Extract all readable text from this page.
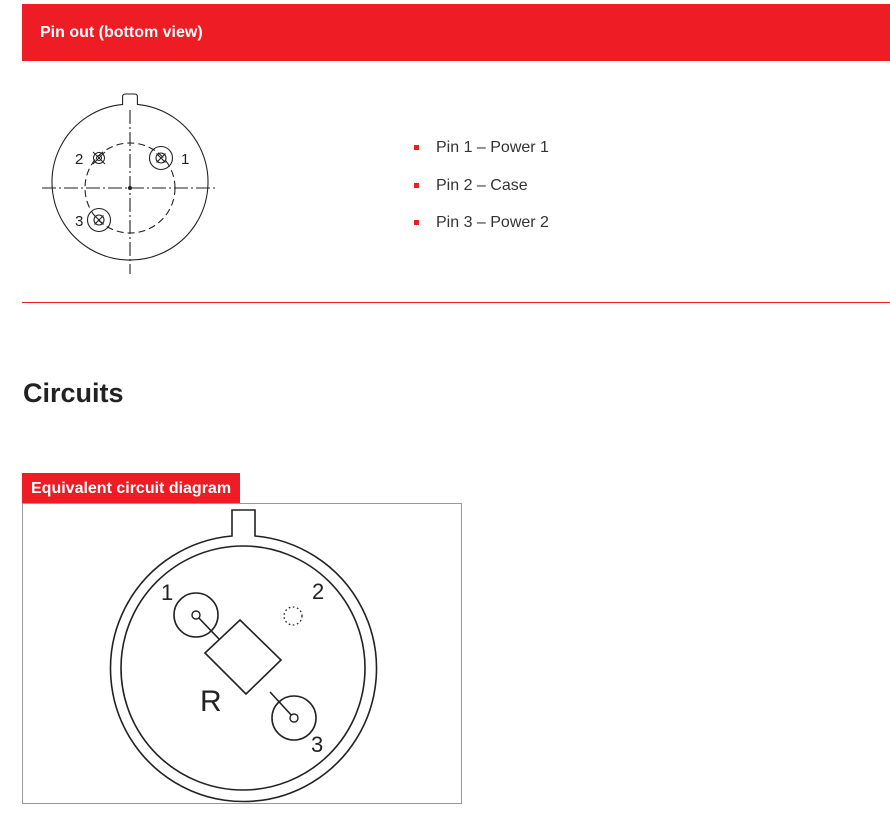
Pin out (bottom view)
1
2
3
Pin 1 – Power 1
Pin 2 – Case
Pin 3 – Power 2
Circuits
Equivalent circuit diagram
1	2
3
R
